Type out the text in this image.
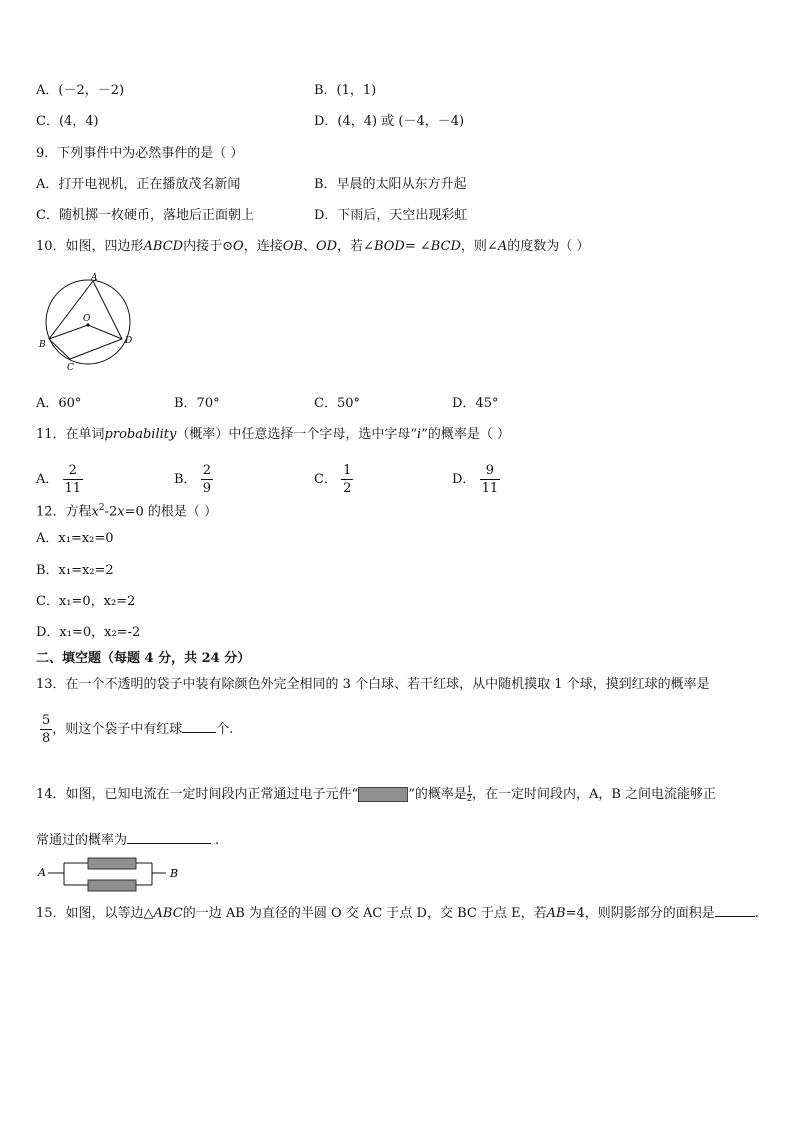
A．(－2，－2)	B．(1，1)
C．(4，4)	D．(4，4) 或 (－4，－4)
9．下列事件中为必然事件的是（ ）
A．打开电视机，正在播放茂名新闻	B．早晨的太阳从东方升起
C．随机掷一枚硬币，落地后正面朝上	D．下雨后，天空出现彩虹
10．如图，四边形ABCD内接于⊙O，连接OB、OD，若∠BOD= ∠BCD，则∠A的度数为（ ）
A
O
B	D
C
A．60°	B．70°	C．50°	D．45°
11．在单词probability（概率）中任意选择一个字母，选中字母“i”的概率是（ ）
A． $\frac{2}{11}$	B． $\frac{2}{9}$	C． $\frac{1}{2}$	D． $\frac{9}{11}$
12．方程$x^2-2x=0$ 的根是（ ）
A．x₁=x₂=0
B．x₁=x₂=2
C．x₁=0，x₂=2
D．x₁=0，x₂=-2
二、填空题（每题 4 分，共 24 分）
13．在一个不透明的袋子中装有除颜色外完全相同的 3 个白球、若干红球，从中随机摸取 1 个球，摸到红球的概率是
$\frac{5}{8}$ ，则这个袋子中有红球	个.
14．如图，已知电流在一定时间段内正常通过电子元件“	”的概率是 $\frac{1}{2}$ ，在一定时间段内，A，B 之间电流能够正
常通过的概率为	.
A	B
15．如图，以等边△ABC的一边 AB 为直径的半圆 O 交 AC 于点 D，交 BC 于点 E，若AB=4，则阴影部分的面积是	.
